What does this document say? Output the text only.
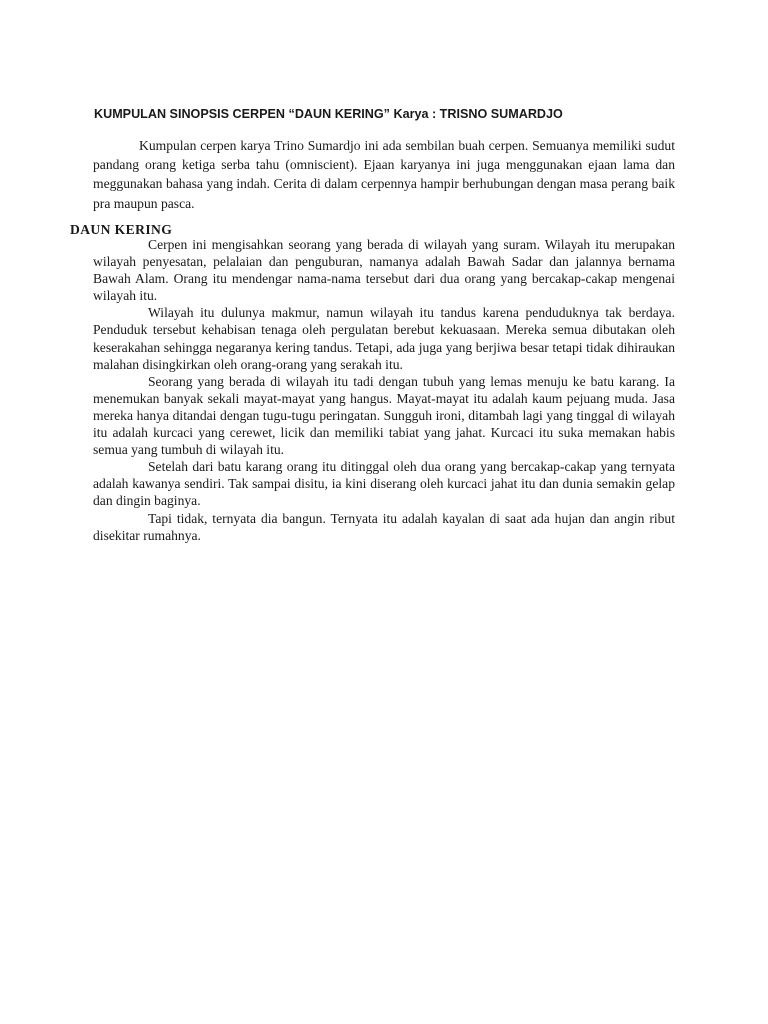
KUMPULAN SINOPSIS CERPEN “DAUN KERING” Karya : TRISNO SUMARDJO

Kumpulan cerpen karya Trino Sumardjo ini ada sembilan buah cerpen. Semuanya memiliki sudut pandang orang ketiga serba tahu (omniscient). Ejaan karyanya ini juga menggunakan ejaan lama dan meggunakan bahasa yang indah. Cerita di dalam cerpennya hampir berhubungan dengan masa perang baik pra maupun pasca.

DAUN KERING

Cerpen ini mengisahkan seorang yang berada di wilayah yang suram. Wilayah itu merupakan wilayah penyesatan, pelalaian dan penguburan, namanya adalah Bawah Sadar dan jalannya bernama Bawah Alam. Orang itu mendengar nama-nama tersebut dari dua orang yang bercakap-cakap mengenai wilayah itu.

Wilayah itu dulunya makmur, namun wilayah itu tandus karena penduduknya tak berdaya. Penduduk tersebut kehabisan tenaga oleh pergulatan berebut kekuasaan. Mereka semua dibutakan oleh keserakahan sehingga negaranya kering tandus. Tetapi, ada juga yang berjiwa besar tetapi tidak dihiraukan malahan disingkirkan oleh orang-orang yang serakah itu.

Seorang yang berada di wilayah itu tadi dengan tubuh yang lemas menuju ke batu karang. Ia menemukan banyak sekali mayat-mayat yang hangus. Mayat-mayat itu adalah kaum pejuang muda. Jasa mereka hanya ditandai dengan tugu-tugu peringatan. Sungguh ironi, ditambah lagi yang tinggal di wilayah itu adalah kurcaci yang cerewet, licik dan memiliki tabiat yang jahat. Kurcaci itu suka memakan habis semua yang tumbuh di wilayah itu.

Setelah dari batu karang orang itu ditinggal oleh dua orang yang bercakap-cakap yang ternyata adalah kawanya sendiri. Tak sampai disitu, ia kini diserang oleh kurcaci jahat itu dan dunia semakin gelap dan dingin baginya.

Tapi tidak, ternyata dia bangun. Ternyata itu adalah kayalan di saat ada hujan dan angin ribut disekitar rumahnya.
